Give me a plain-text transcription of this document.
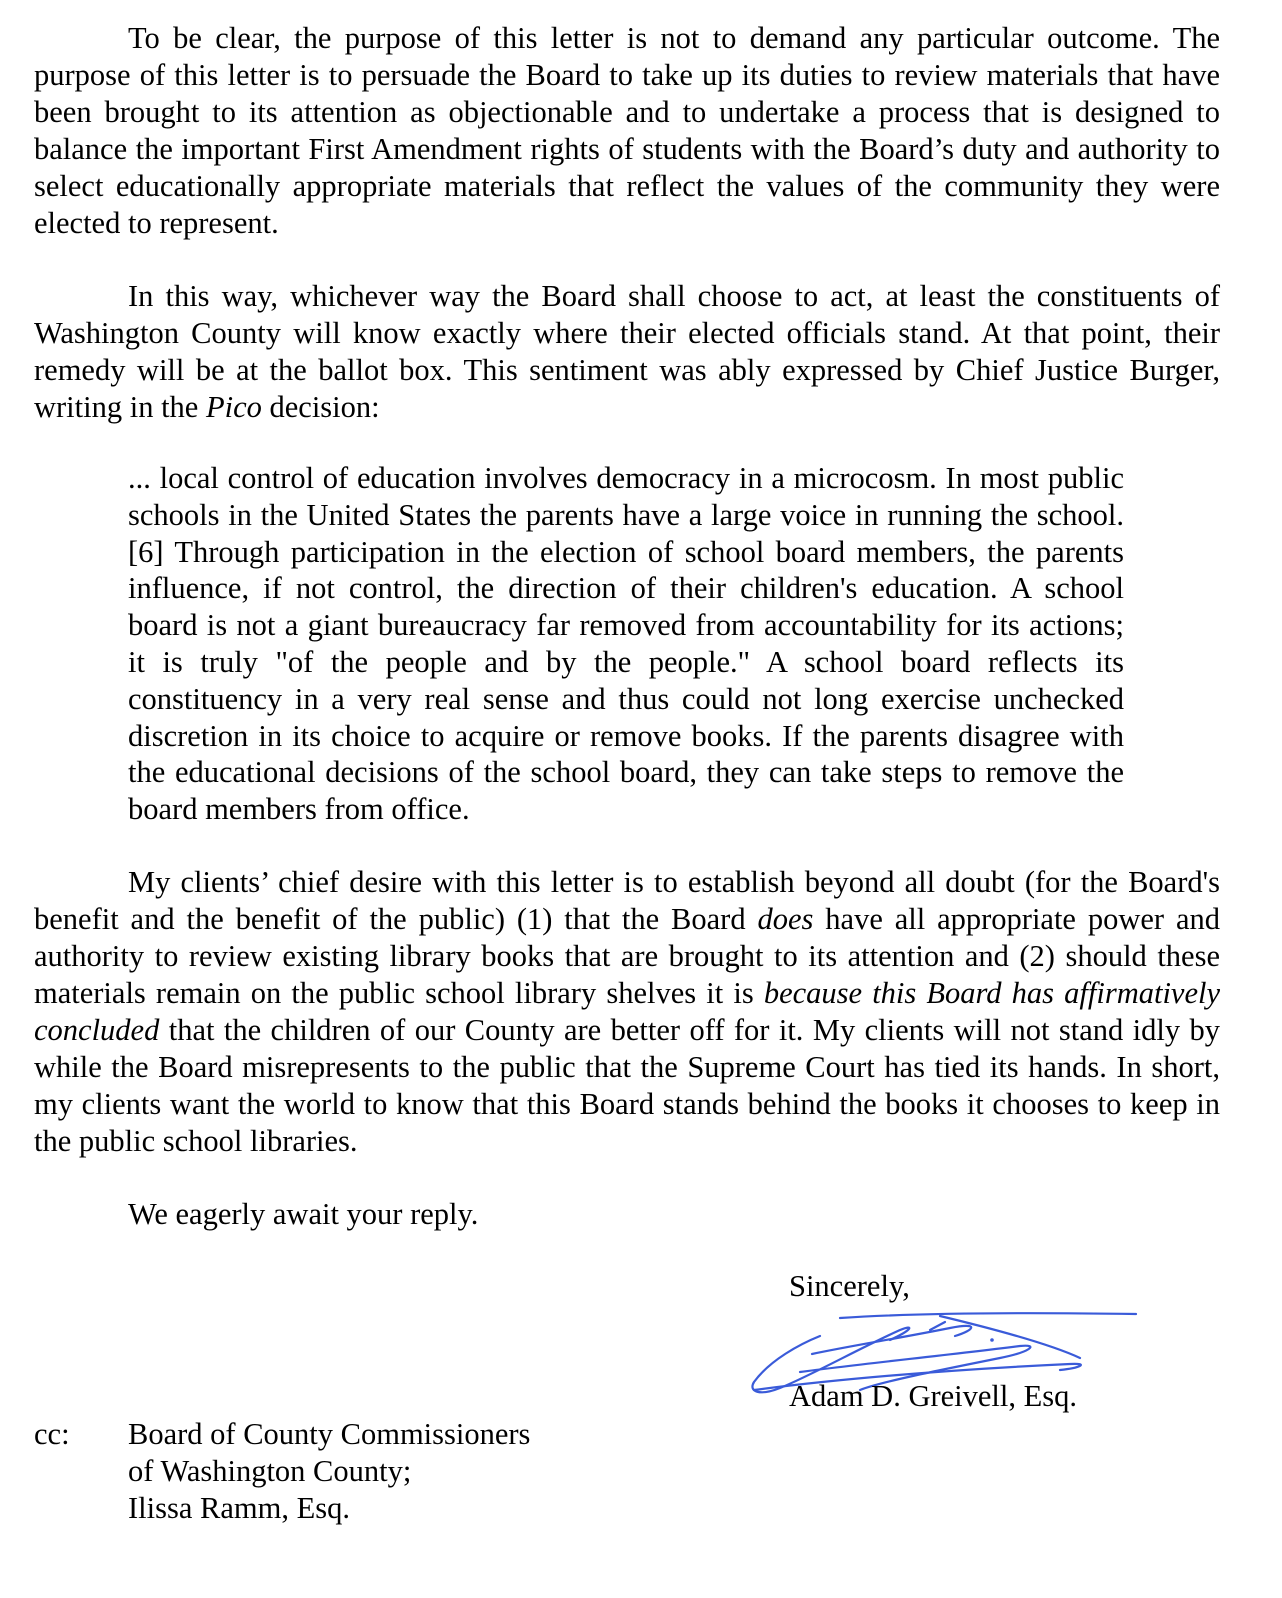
To be clear, the purpose of this letter is not to demand any particular outcome. The purpose of this letter is to persuade the Board to take up its duties to review materials that have been brought to its attention as objectionable and to undertake a process that is designed to balance the important First Amendment rights of students with the Board’s duty and authority to select educationally appropriate materials that reflect the values of the community they were elected to represent.

In this way, whichever way the Board shall choose to act, at least the constituents of Washington County will know exactly where their elected officials stand. At that point, their remedy will be at the ballot box. This sentiment was ably expressed by Chief Justice Burger, writing in the Pico decision:

... local control of education involves democracy in a microcosm. In most public schools in the United States the parents have a large voice in running the school.[6] Through participation in the election of school board members, the parents influence, if not control, the direction of their children's education. A school board is not a giant bureaucracy far removed from accountability for its actions; it is truly "of the people and by the people." A school board reflects its constituency in a very real sense and thus could not long exercise unchecked discretion in its choice to acquire or remove books. If the parents disagree with the educational decisions of the school board, they can take steps to remove the board members from office.

My clients’ chief desire with this letter is to establish beyond all doubt (for the Board's benefit and the benefit of the public) (1) that the Board does have all appropriate power and authority to review existing library books that are brought to its attention and (2) should these materials remain on the public school library shelves it is because this Board has affirmatively concluded that the children of our County are better off for it. My clients will not stand idly by while the Board misrepresents to the public that the Supreme Court has tied its hands. In short, my clients want the world to know that this Board stands behind the books it chooses to keep in the public school libraries.

We eagerly await your reply.

Sincerely,

Adam D. Greivell, Esq.

cc: Board of County Commissioners
of Washington County;
Ilissa Ramm, Esq.
